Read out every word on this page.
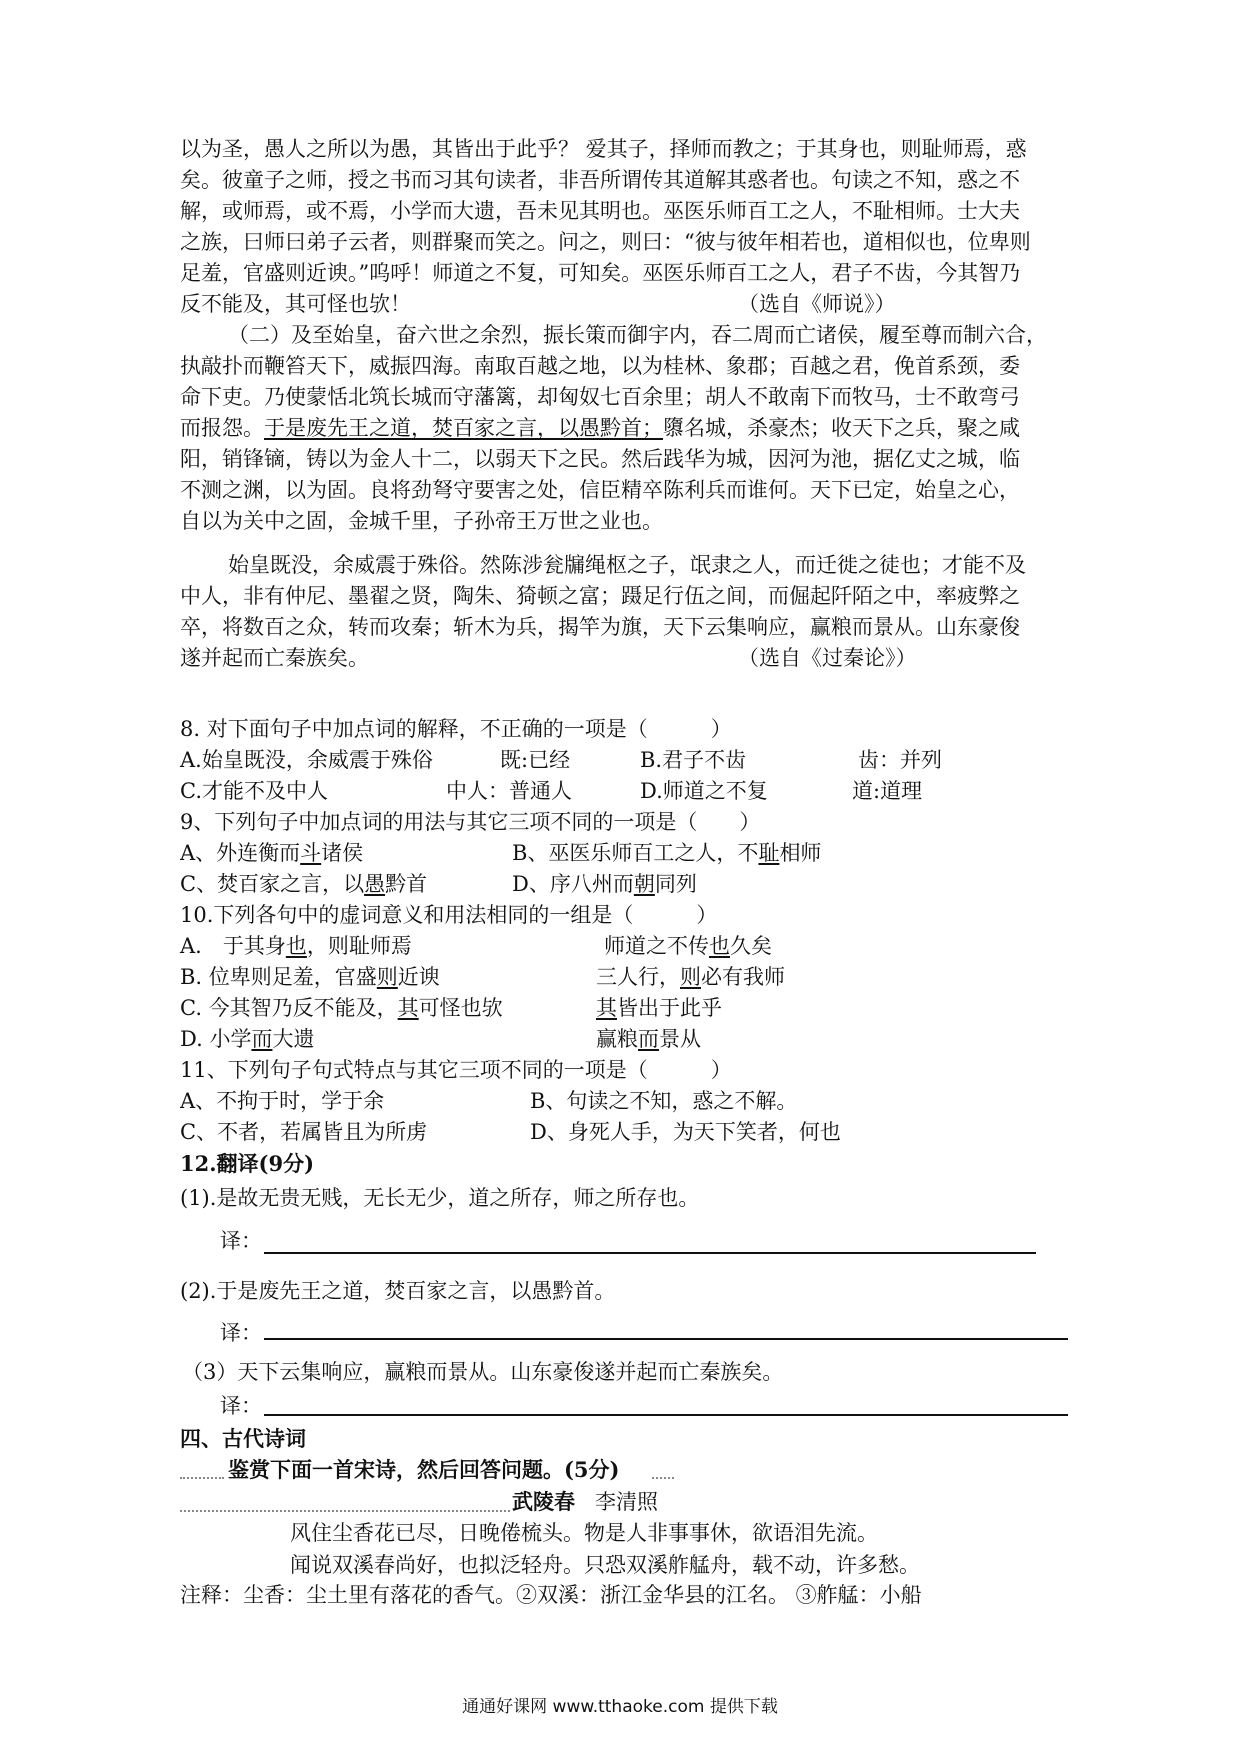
以为圣，愚人之所以为愚，其皆出于此乎？ 爱其子，择师而教之；于其身也，则耻师焉，惑
矣。彼童子之师，授之书而习其句读者，非吾所谓传其道解其惑者也。句读之不知，惑之不
解，或师焉，或不焉，小学而大遗，吾未见其明也。巫医乐师百工之人，不耻相师。士大夫
之族，曰师曰弟子云者，则群聚而笑之。问之，则曰：“彼与彼年相若也，道相似也，位卑则
足羞，官盛则近谀。”呜呼！师道之不复，可知矣。巫医乐师百工之人，君子不齿，今其智乃
反不能及，其可怪也欤！	（选自《师说》）
（二）及至始皇，奋六世之余烈，振长策而御宇内，吞二周而亡诸侯，履至尊而制六合，
执敲扑而鞭笞天下，威振四海。南取百越之地，以为桂林、象郡；百越之君，俛首系颈，委
命下吏。乃使蒙恬北筑长城而守藩篱，却匈奴七百余里；胡人不敢南下而牧马，士不敢弯弓
而报怨。于是废先王之道，焚百家之言，以愚黔首；隳名城，杀豪杰；收天下之兵，聚之咸
阳，销锋镝，铸以为金人十二，以弱天下之民。然后践华为城，因河为池，据亿丈之城，临
不测之渊，以为固。良将劲弩守要害之处，信臣精卒陈利兵而谁何。天下已定，始皇之心，
自以为关中之固，金城千里，子孙帝王万世之业也。
始皇既没，余威震于殊俗。然陈涉瓮牖绳枢之子，氓隶之人，而迁徙之徒也；才能不及
中人，非有仲尼、墨翟之贤，陶朱、猗顿之富；蹑足行伍之间，而倔起阡陌之中，率疲弊之
卒，将数百之众，转而攻秦；斩木为兵，揭竿为旗，天下云集响应，赢粮而景从。山东豪俊
遂并起而亡秦族矣。	（选自《过秦论》）
8. 对下面句子中加点词的解释，不正确的一项是（　　　）
A.始皇既没，余威震于殊俗	既:已经	B.君子不齿	齿：并列
C.才能不及中人	中人：普通人	D.师道之不复	道:道理
9、下列句子中加点词的用法与其它三项不同的一项是（　　）
A、外连衡而斗诸侯	B、巫医乐师百工之人，不耻相师
C、焚百家之言，以愚黔首	D、序八州而朝同列
10.下列各句中的虚词意义和用法相同的一组是（　　　）
A.　于其身也，则耻师焉	师道之不传也久矣
B. 位卑则足羞，官盛则近谀	三人行，则必有我师
C. 今其智乃反不能及，其可怪也欤	其皆出于此乎
D. 小学而大遗	赢粮而景从
11、下列句子句式特点与其它三项不同的一项是（　　　）
A、不拘于时，学于余	B、句读之不知，惑之不解。
C、不者，若属皆且为所虏	D、身死人手，为天下笑者，何也
12.翻译(9分)
(1).是故无贵无贱，无长无少，道之所存，师之所存也。
译：
(2).于是废先王之道，焚百家之言，以愚黔首。
译：
（3）天下云集响应，赢粮而景从。山东豪俊遂并起而亡秦族矣。
译：
四、古代诗词
鉴赏下面一首宋诗，然后回答问题。(5分)
武陵春 李清照
风住尘香花已尽，日晚倦梳头。物是人非事事休，欲语泪先流。
闻说双溪春尚好，也拟泛轻舟。只恐双溪舴艋舟，载不动，许多愁。
注释：尘香：尘土里有落花的香气。②双溪：浙江金华县的江名。 ③舴艋：小船
通通好课网 www.tthaoke.com 提供下载
